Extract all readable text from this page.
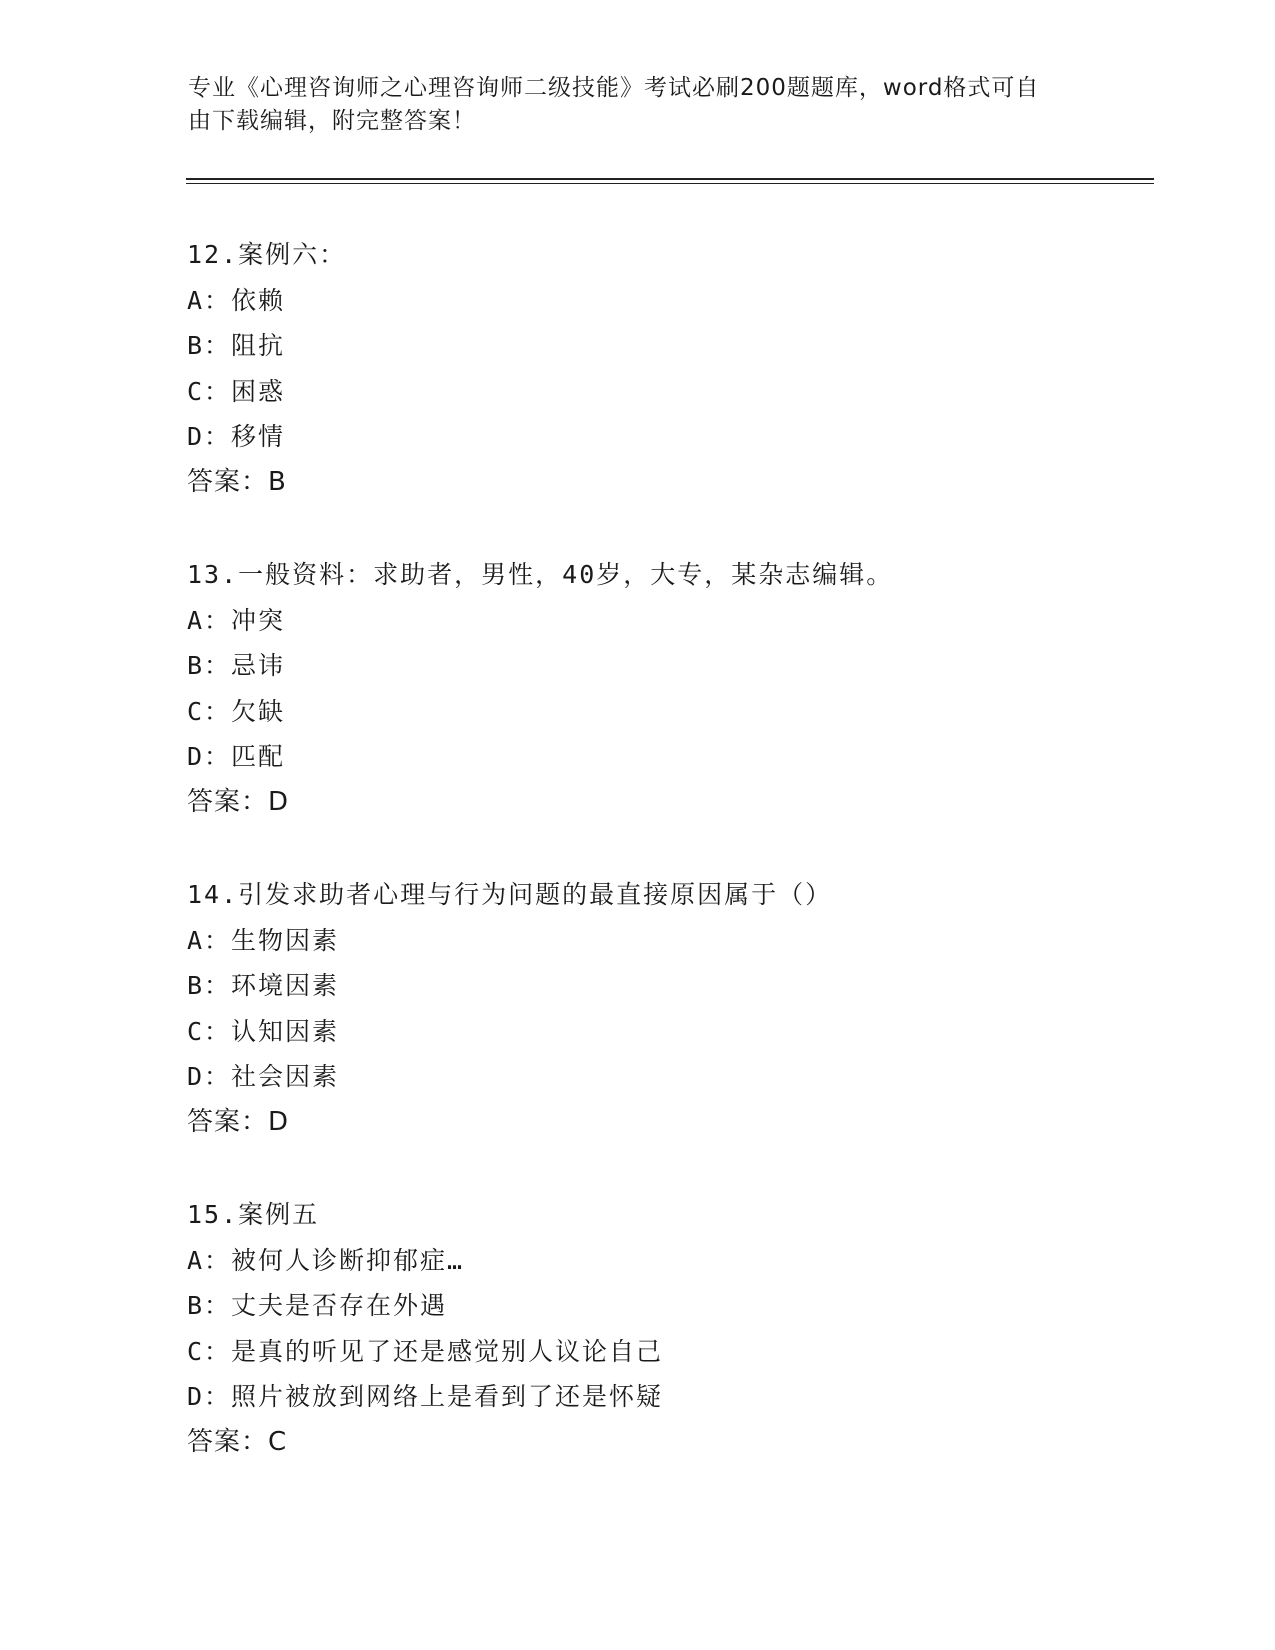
专业《心理咨询师之心理咨询师二级技能》考试必刷200题题库，word格式可自
由下载编辑，附完整答案！
12.案例六：
A：依赖
B：阻抗
C：困惑
D：移情
答案：B
13.一般资料：求助者，男性，40岁，大专，某杂志编辑。
A：冲突
B：忌讳
C：欠缺
D：匹配
答案：D
14.引发求助者心理与行为问题的最直接原因属于（）
A：生物因素
B：环境因素
C：认知因素
D：社会因素
答案：D
15.案例五
A：被何人诊断抑郁症…
B：丈夫是否存在外遇
C：是真的听见了还是感觉别人议论自己
D：照片被放到网络上是看到了还是怀疑
答案：C
